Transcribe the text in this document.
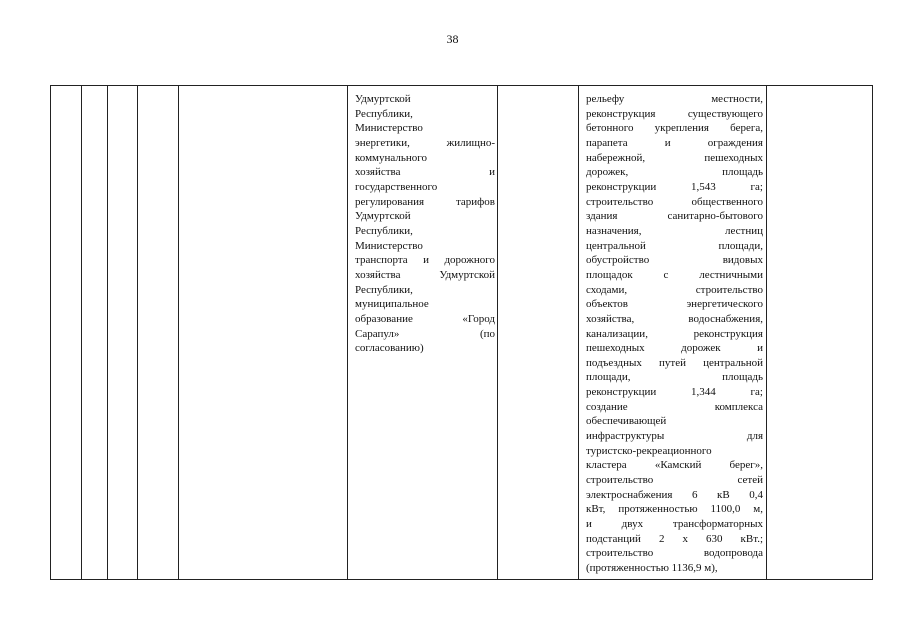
38
Удмуртской
Республики,
Министерство
энергетики, жилищно-
коммунального
хозяйства и
государственного
регулирования тарифов
Удмуртской
Республики,
Министерство
транспорта и дорожного
хозяйства Удмуртской
Республики,
муниципальное
образование «Город
Сарапул» (по
согласованию)
рельефу местности,
реконструкция существующего
бетонного укрепления берега,
парапета и ограждения
набережной, пешеходных
дорожек, площадь
реконструкции 1,543 га;
строительство общественного
здания санитарно-бытового
назначения, лестниц
центральной площади,
обустройство видовых
площадок с лестничными
сходами, строительство
объектов энергетического
хозяйства, водоснабжения,
канализации, реконструкция
пешеходных дорожек и
подъездных путей центральной
площади, площадь
реконструкции 1,344 га;
создание комплекса
обеспечивающей
инфраструктуры для
туристско-рекреационного
кластера «Камский берег»,
строительство сетей
электроснабжения 6 кВ 0,4
кВт, протяженностью 1100,0 м,
и двух трансформаторных
подстанций 2 х 630 кВт.;
строительство водопровода
(протяженностью 1136,9 м),
